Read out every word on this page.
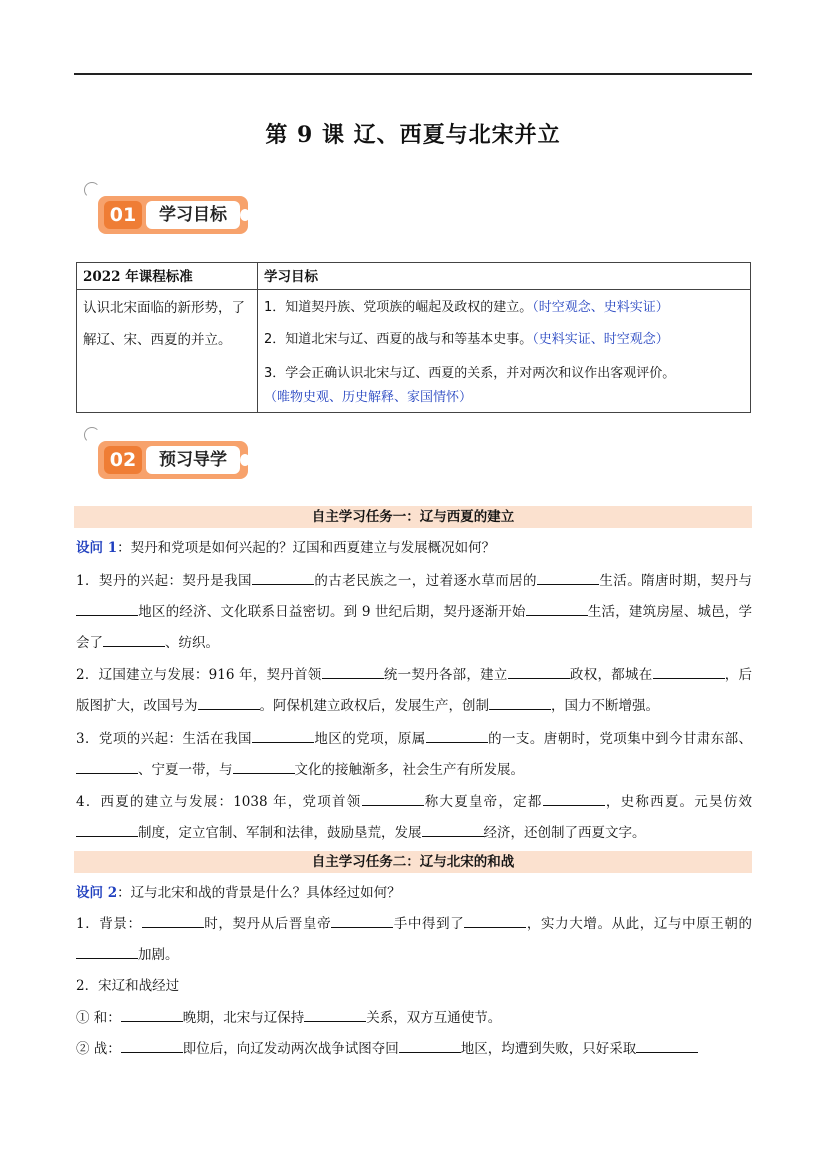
第 9 课 辽、西夏与北宋并立
01	学习目标
2022 年课程标准	学习目标
认识北宋面临的新形势，了解辽、宋、西夏的并立。	1．知道契丹族、党项族的崛起及政权的建立。（时空观念、史料实证）
2．知道北宋与辽、西夏的战与和等基本史事。（史料实证、时空观念）
3．学会正确认识北宋与辽、西夏的关系，并对两次和议作出客观评价。
（唯物史观、历史解释、家国情怀）
02	预习导学
自主学习任务一：辽与西夏的建立
设问 1：契丹和党项是如何兴起的？辽国和西夏建立与发展概况如何？
1．契丹的兴起：契丹是我国	的古老民族之一，过着逐水草而居的	生活。隋唐时期，契丹与地区的经济、文化联系日益密切。到 9 世纪后期，契丹逐渐开始	生活，建筑房屋、城邑，学会了	、纺织。
2．辽国建立与发展：916 年，契丹首领	统一契丹各部，建立	政权，都城在	，后版图扩大，改国号为	。阿保机建立政权后，发展生产，创制	，国力不断增强。
3．党项的兴起：生活在我国	地区的党项，原属	的一支。唐朝时，党项集中到今甘肃东部、、宁夏一带，与	文化的接触渐多，社会生产有所发展。
4．西夏的建立与发展：1038 年，党项首领	称大夏皇帝，定都	，史称西夏。元昊仿效制度，定立官制、军制和法律，鼓励垦荒，发展	经济，还创制了西夏文字。
自主学习任务二：辽与北宋的和战
设问 2：辽与北宋和战的背景是什么？具体经过如何？
1．背景：	时，契丹从后晋皇帝	手中得到了	，实力大增。从此，辽与中原王朝的加剧。
2．宋辽和战经过
① 和：	晚期，北宋与辽保持	关系，双方互通使节。
② 战：	即位后，向辽发动两次战争试图夺回	地区，均遭到失败，只好采取
